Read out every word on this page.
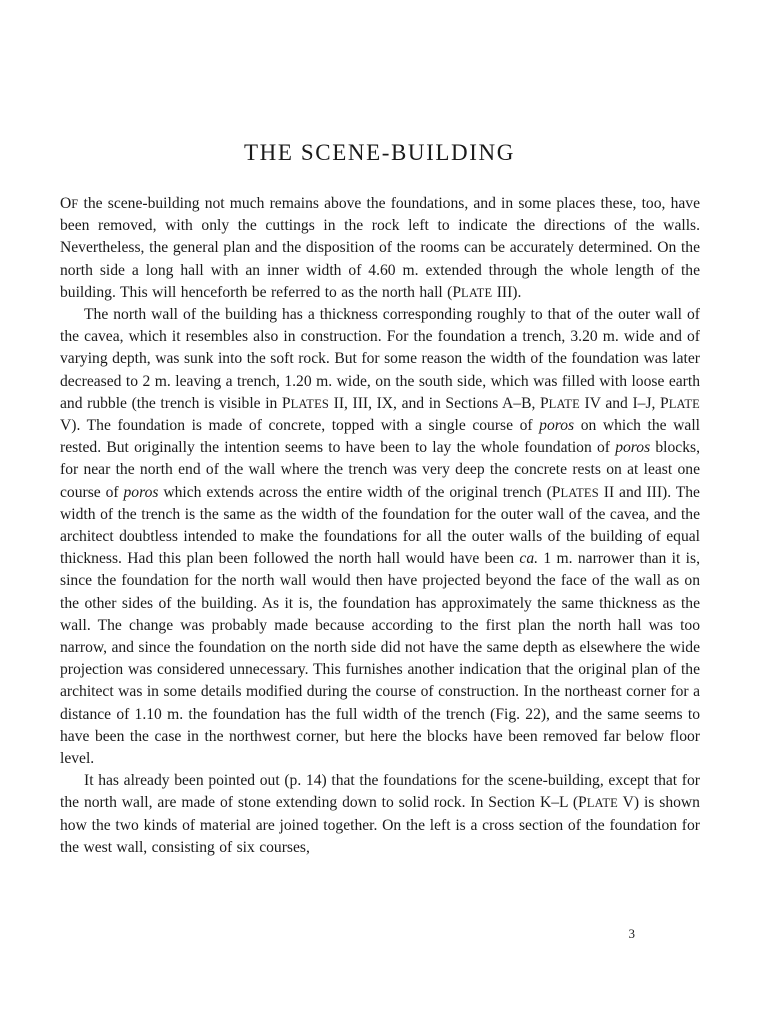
THE SCENE-BUILDING

OF the scene-building not much remains above the foundations, and in some places these, too, have been removed, with only the cuttings in the rock left to indicate the directions of the walls. Nevertheless, the general plan and the disposition of the rooms can be accurately determined. On the north side a long hall with an inner width of 4.60 m. extended through the whole length of the building. This will henceforth be referred to as the north hall (PLATE III).

The north wall of the building has a thickness corresponding roughly to that of the outer wall of the cavea, which it resembles also in construction. For the foundation a trench, 3.20 m. wide and of varying depth, was sunk into the soft rock. But for some reason the width of the foundation was later decreased to 2 m. leaving a trench, 1.20 m. wide, on the south side, which was filled with loose earth and rubble (the trench is visible in PLATES II, III, IX, and in Sections A–B, PLATE IV and I–J, PLATE V). The foundation is made of concrete, topped with a single course of poros on which the wall rested. But originally the intention seems to have been to lay the whole foundation of poros blocks, for near the north end of the wall where the trench was very deep the concrete rests on at least one course of poros which extends across the entire width of the original trench (PLATES II and III). The width of the trench is the same as the width of the foundation for the outer wall of the cavea, and the architect doubtless intended to make the foundations for all the outer walls of the building of equal thickness. Had this plan been followed the north hall would have been ca. 1 m. narrower than it is, since the foundation for the north wall would then have projected beyond the face of the wall as on the other sides of the building. As it is, the foundation has approximately the same thickness as the wall. The change was probably made because according to the first plan the north hall was too narrow, and since the foundation on the north side did not have the same depth as elsewhere the wide projection was considered unnecessary. This furnishes another indication that the original plan of the architect was in some details modified during the course of construction. In the northeast corner for a distance of 1.10 m. the foundation has the full width of the trench (Fig. 22), and the same seems to have been the case in the northwest corner, but here the blocks have been removed far below floor level.

It has already been pointed out (p. 14) that the foundations for the scene-building, except that for the north wall, are made of stone extending down to solid rock. In Section K–L (PLATE V) is shown how the two kinds of material are joined together. On the left is a cross section of the foundation for the west wall, consisting of six courses,

3
